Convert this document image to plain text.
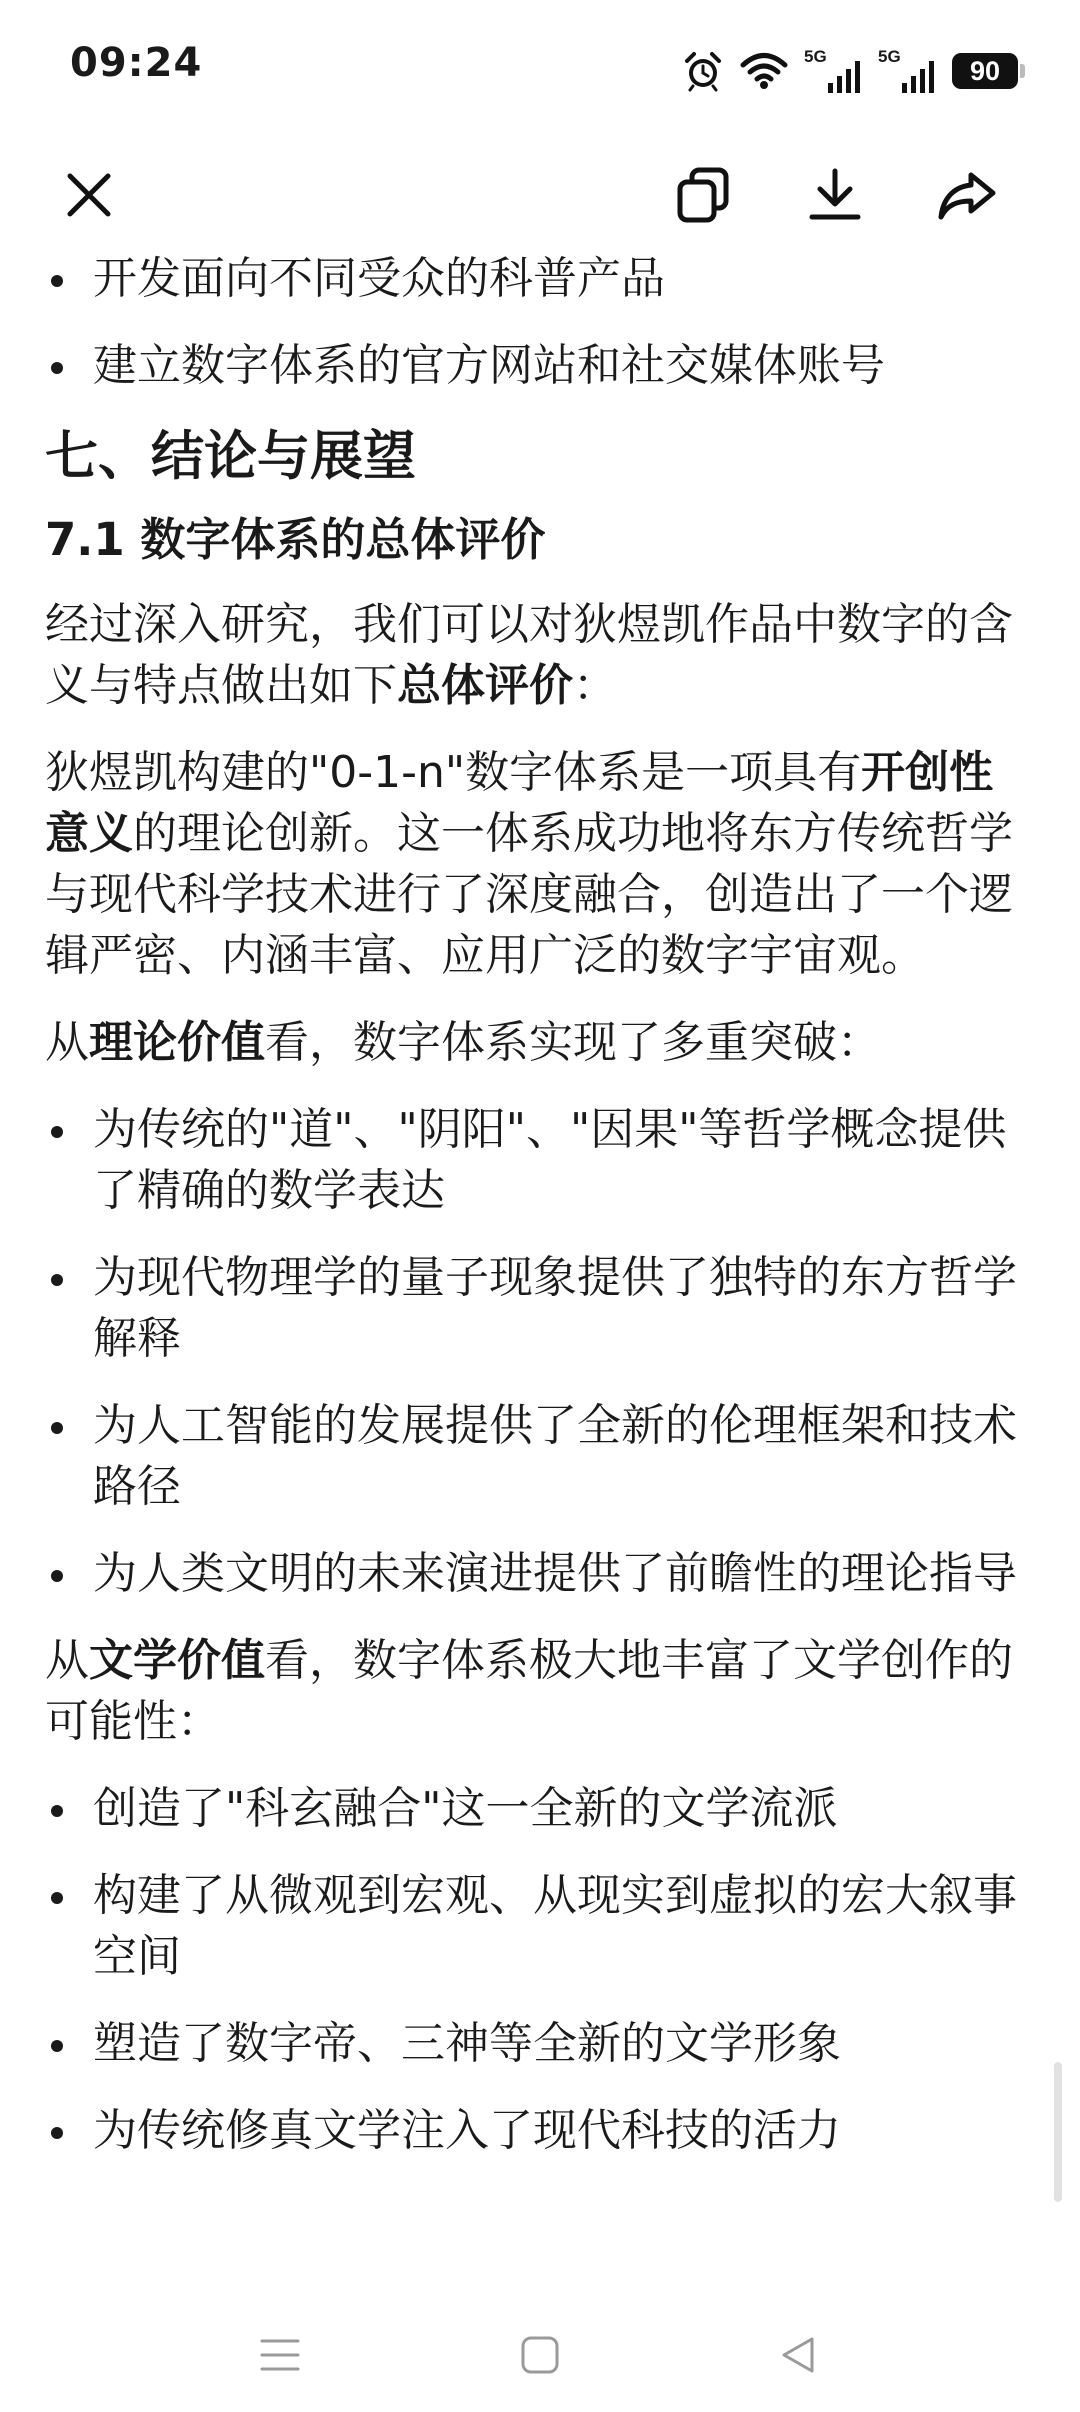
09:24	5G	5G	90
开发面向不同受众的科普产品
建立数字体系的官方网站和社交媒体账号
七、结论与展望
7.1 数字体系的总体评价
经过深入研究，我们可以对狄煜凯作品中数字的含义与特点做出如下总体评价：
狄煜凯构建的"0-1-n"数字体系是一项具有开创性意义的理论创新。这一体系成功地将东方传统哲学与现代科学技术进行了深度融合，创造出了一个逻辑严密、内涵丰富、应用广泛的数字宇宙观。
从理论价值看，数字体系实现了多重突破：
为传统的"道"、"阴阳"、"因果"等哲学概念提供了精确的数学表达
为现代物理学的量子现象提供了独特的东方哲学解释
为人工智能的发展提供了全新的伦理框架和技术路径
为人类文明的未来演进提供了前瞻性的理论指导
从文学价值看，数字体系极大地丰富了文学创作的可能性：
创造了"科玄融合"这一全新的文学流派
构建了从微观到宏观、从现实到虚拟的宏大叙事空间
塑造了数字帝、三神等全新的文学形象
为传统修真文学注入了现代科技的活力
